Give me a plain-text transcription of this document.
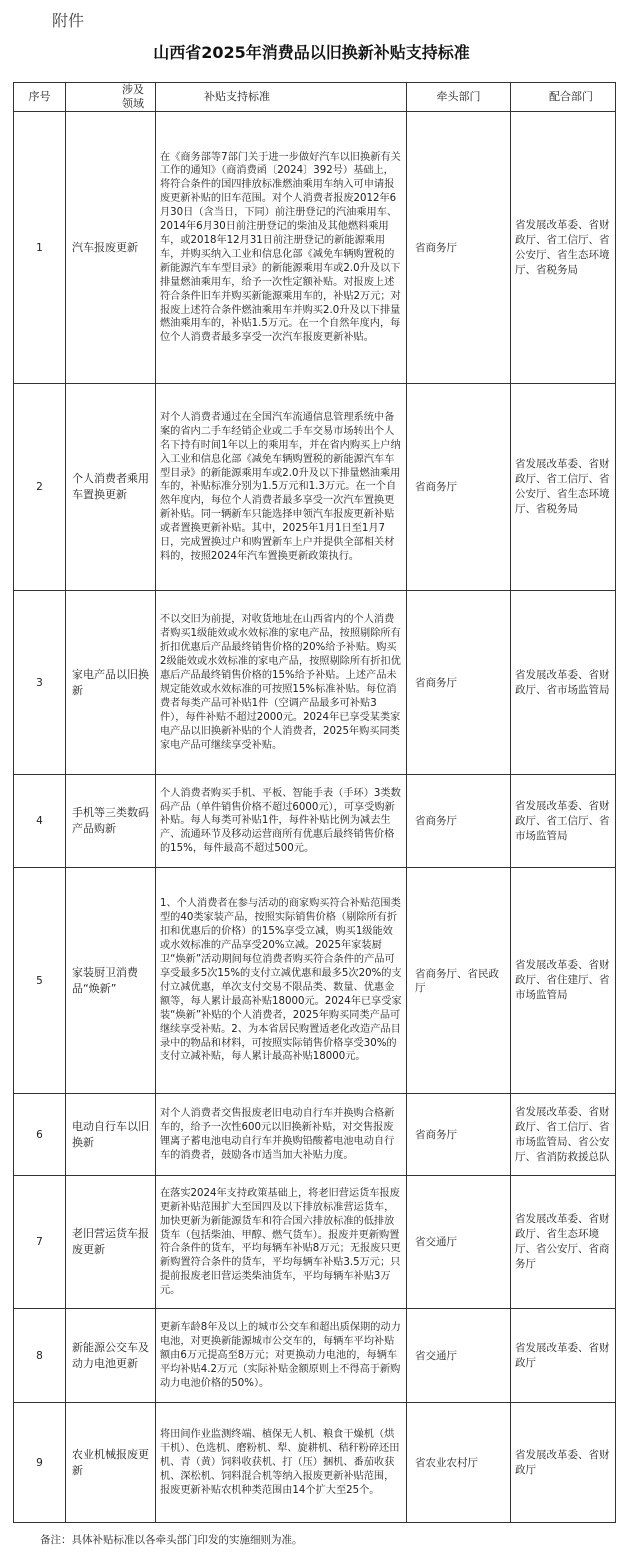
附件
山西省2025年消费品以旧换新补贴支持标准
序号	涉及领域	补贴支持标准	牵头部门	配合部门
1	汽车报废更新	在《商务部等7部门关于进一步做好汽车以旧换新有关工作的通知》（商消费函〔2024〕392号）基础上，将符合条件的国四排放标准燃油乘用车纳入可申请报废更新补贴的旧车范围。对个人消费者报废2012年6月30日（含当日，下同）前注册登记的汽油乘用车、2014年6月30日前注册登记的柴油及其他燃料乘用车，或2018年12月31日前注册登记的新能源乘用车，并购买纳入工业和信息化部《减免车辆购置税的新能源汽车车型目录》的新能源乘用车或2.0升及以下排量燃油乘用车，给予一次性定额补贴。对报废上述符合条件旧车并购买新能源乘用车的，补贴2万元；对报废上述符合条件燃油乘用车并购买2.0升及以下排量燃油乘用车的，补贴1.5万元。在一个自然年度内，每位个人消费者最多享受一次汽车报废更新补贴。	省商务厅	省发展改革委、省财政厅、省工信厅、省公安厅、省生态环境厅、省税务局
2	个人消费者乘用车置换更新	对个人消费者通过在全国汽车流通信息管理系统中备案的省内二手车经销企业或二手车交易市场转出个人名下持有时间1年以上的乘用车，并在省内购买上户纳入工业和信息化部《减免车辆购置税的新能源汽车车型目录》的新能源乘用车或2.0升及以下排量燃油乘用车的，补贴标准分别为1.5万元和1.3万元。在一个自然年度内，每位个人消费者最多享受一次汽车置换更新补贴。同一辆新车只能选择申领汽车报废更新补贴或者置换更新补贴。其中，2025年1月1日至1月7日，完成置换过户和购置新车上户并提供全部相关材料的，按照2024年汽车置换更新政策执行。	省商务厅	省发展改革委、省财政厅、省工信厅、省公安厅、省生态环境厅、省税务局
3	家电产品以旧换新	不以交旧为前提，对收货地址在山西省内的个人消费者购买1级能效或水效标准的家电产品，按照剔除所有折扣优惠后产品最终销售价格的20%给予补贴。购买2级能效或水效标准的家电产品，按照剔除所有折扣优惠后产品最终销售价格的15%给予补贴。上述产品未规定能效或水效标准的可按照15%标准补贴。每位消费者每类产品可补贴1件（空调产品最多可补贴3件），每件补贴不超过2000元。2024年已享受某类家电产品以旧换新补贴的个人消费者，2025年购买同类家电产品可继续享受补贴。	省商务厅	省发展改革委、省财政厅、省市场监管局
4	手机等三类数码产品购新	个人消费者购买手机、平板、智能手表（手环）3类数码产品（单件销售价格不超过6000元），可享受购新补贴。每人每类可补贴1件，每件补贴比例为减去生产、流通环节及移动运营商所有优惠后最终销售价格的15%，每件最高不超过500元。	省商务厅	省发展改革委、省财政厅、省工信厅、省市场监管局
5	家装厨卫消费品“焕新”	1、个人消费者在参与活动的商家购买符合补贴范围类型的40类家装产品，按照实际销售价格（剔除所有折扣和优惠后的价格）的15%享受立减，购买1级能效或水效标准的产品享受20%立减。2025年家装厨卫“焕新”活动期间每位消费者购买符合条件的产品可享受最多5次15%的支付立减优惠和最多5次20%的支付立减优惠，单次支付交易不限品类、数量、优惠金额等，每人累计最高补贴18000元。2024年已享受家装“焕新”补贴的个人消费者，2025年购买同类产品可继续享受补贴。2、为本省居民购置适老化改造产品目录中的物品和材料，可按照实际销售价格享受30%的支付立减补贴，每人累计最高补贴18000元。	省商务厅、省民政厅	省发展改革委、省财政厅、省住建厅、省市场监管局
6	电动自行车以旧换新	对个人消费者交售报废老旧电动自行车并换购合格新车的，给予一次性600元以旧换新补贴，对交售报废锂离子蓄电池电动自行车并换购铅酸蓄电池电动自行车的消费者，鼓励各市适当加大补贴力度。	省商务厅	省发展改革委、省财政厅、省工信厅、省市场监管局、省公安厅、省消防救援总队
7	老旧营运货车报废更新	在落实2024年支持政策基础上，将老旧营运货车报废更新补贴范围扩大至国四及以下排放标准营运货车，加快更新为新能源货车和符合国六排放标准的低排放货车（包括柴油、甲醇、燃气货车）。报废并更新购置符合条件的货车，平均每辆车补贴8万元；无报废只更新购置符合条件的货车，平均每辆车补贴3.5万元；只提前报废老旧营运类柴油货车，平均每辆车补贴3万元。	省交通厅	省发展改革委、省财政厅、省生态环境厅、省公安厅、省商务厅
8	新能源公交车及动力电池更新	更新车龄8年及以上的城市公交车和超出质保期的动力电池，对更换新能源城市公交车的，每辆车平均补贴额由6万元提高至8万元；对更换动力电池的，每辆车平均补贴4.2万元（实际补贴金额原则上不得高于新购动力电池价格的50%）。	省交通厅	省发展改革委、省财政厅
9	农业机械报废更新	将田间作业监测终端、植保无人机、粮食干燥机（烘干机）、色选机、磨粉机、犁、旋耕机、秸秆粉碎还田机、青（黄）饲料收获机、打（压）捆机、番茄收获机、深松机、饲料混合机等纳入报废更新补贴范围，报废更新补贴农机种类范围由14个扩大至25个。	省农业农村厅	省发展改革委、省财政厅
备注：具体补贴标准以各牵头部门印发的实施细则为准。
